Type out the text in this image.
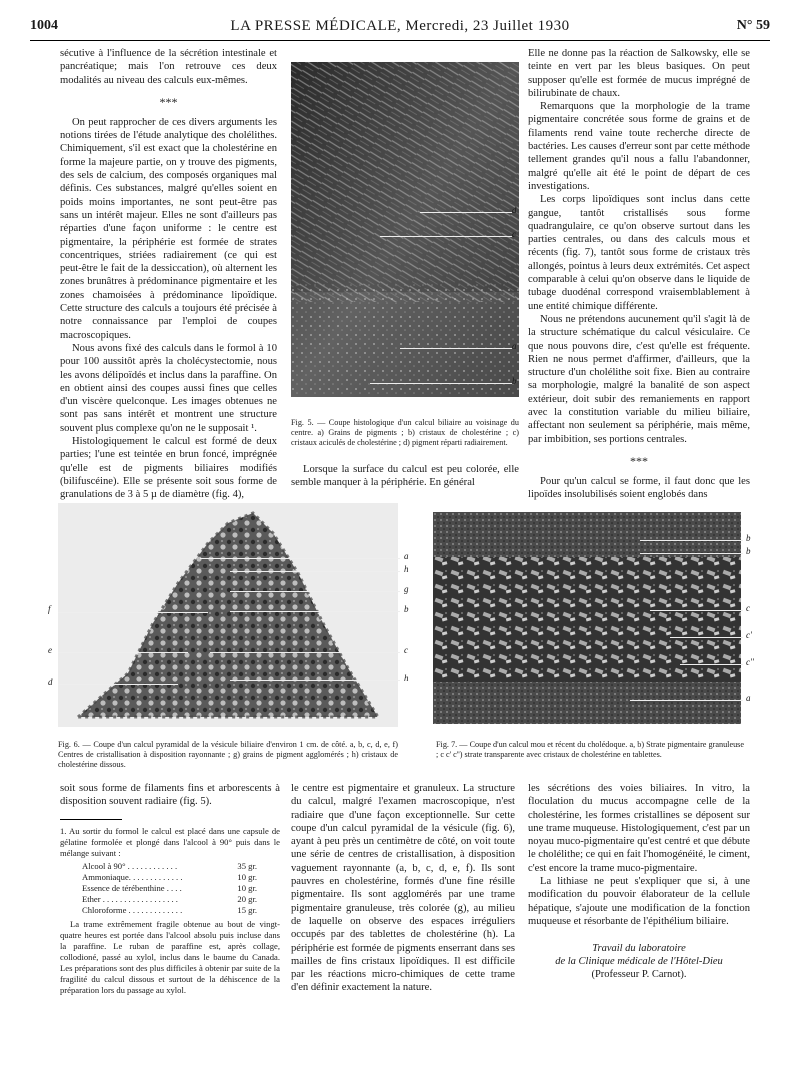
1004	LA PRESSE MÉDICALE, Mercredi, 23 Juillet 1930	N° 59

sécutive à l'influence de la sécrétion intestinale et pancréatique; mais l'on retrouve ces deux modalités au niveau des calculs eux-mêmes.

***

On peut rapprocher de ces divers arguments les notions tirées de l'étude analytique des cholélithes. Chimiquement, s'il est exact que la cholestérine en forme la majeure partie, on y trouve des pigments, des sels de calcium, des composés organiques mal définis. Ces substances, malgré qu'elles soient en poids moins importantes, ne sont peut-être pas sans un intérêt majeur. Elles ne sont d'ailleurs pas réparties d'une façon uniforme : le centre est pigmentaire, la périphérie est formée de strates concentriques, striées radiairement (ce qui est peut-être le fait de la dessiccation), où alternent les zones brunâtres à prédominance pigmentaire et les zones chamoisées à prédominance lipoïdique. Cette structure des calculs a toujours été précisée à notre connaissance par l'emploi de coupes macroscopiques.

Nous avons fixé des calculs dans le formol à 10 pour 100 aussitôt après la cholécystectomie, nous les avons délipoïdés et inclus dans la paraffine. On en obtient ainsi des coupes aussi fines que celles d'un viscère quelconque. Les images obtenues ne sont pas sans intérêt et montrent une structure souvent plus complexe qu'on ne le supposait ¹.

Histologiquement le calcul est formé de deux parties; l'une est teintée en brun foncé, imprégnée qu'elle est de pigments biliaires modifiés (bilifuscéine). Elle se présente soit sous forme de granulations de 3 à 5 µ de diamètre (fig. 4),

d
c
a
b
Fig. 5. — Coupe histologique d'un calcul biliaire au voisinage du centre. a) Grains de pigments ; b) cristaux de cholestérine ; c) cristaux aciculés de cholestérine ; d) pigment réparti radiairement.

Lorsque la surface du calcul est peu colorée, elle semble manquer à la périphérie. En général

Elle ne donne pas la réaction de Salkowsky, elle se teinte en vert par les bleus basiques. On peut supposer qu'elle est formée de mucus imprégné de bilirubinate de chaux.

Remarquons que la morphologie de la trame pigmentaire concrétée sous forme de grains et de filaments rend vaine toute recherche directe de bactéries. Les causes d'erreur sont par cette méthode tellement grandes qu'il nous a fallu l'abandonner, malgré qu'elle ait été le point de départ de ces investigations.

Les corps lipoïdiques sont inclus dans cette gangue, tantôt cristallisés sous forme quadrangulaire, ce qu'on observe surtout dans les parties centrales, ou dans des calculs mous et récents (fig. 7), tantôt sous forme de cristaux très allongés, pointus à leurs deux extrémités. Cet aspect comparable à celui qu'on observe dans le liquide de tubage duodénal correspond vraisemblablement à une entité chimique différente.

Nous ne prétendons aucunement qu'il s'agit là de la structure schématique du calcul vésiculaire. Ce que nous pouvons dire, c'est qu'elle est fréquente. Rien ne nous permet d'affirmer, d'ailleurs, que la structure d'un cholélithe soit fixe. Bien au contraire sa morphologie, malgré la banalité de son aspect extérieur, doit subir des remaniements en rapport avec la constitution variable du milieu biliaire, affectant non seulement sa périphérie, mais même, par imbibition, ses portions centrales.

***

Pour qu'un calcul se forme, il faut donc que les lipoïdes insolubilisés soient englobés dans

f
e
d
a
h
g
b
c
h
Fig. 6. — Coupe d'un calcul pyramidal de la vésicule biliaire d'environ 1 cm. de côté. a, b, c, d, e, f) Centres de cristallisation à disposition rayonnante ; g) grains de pigment agglomérés ; h) cristaux de cholestérine dissous.
b
b
c
c'
c''
a
Fig. 7. — Coupe d'un calcul mou et récent du cholédoque. a, b) Strate pigmentaire granuleuse ; c c' c'') strate transparente avec cristaux de cholestérine en tablettes.

soit sous forme de filaments fins et arborescents à disposition souvent radiaire (fig. 5).

1. Au sortir du formol le calcul est placé dans une capsule de gélatine formolée et plongé dans l'alcool à 90° puis dans le mélange suivant :
Alcool à 90° . . . . . . . . . . . .	35 gr.
Ammoniaque. . . . . . . . . . . . .	10 gr.
Essence de térébenthine . . . .	10 gr.
Ether . . . . . . . . . . . . . . . . . .	20 gr.
Chloroforme . . . . . . . . . . . . .	15 gr.
La trame extrêmement fragile obtenue au bout de vingt-quatre heures est portée dans l'alcool absolu puis incluse dans la paraffine. Le ruban de paraffine est, après collage, collodioné, passé au xylol, inclus dans le baume du Canada. Les préparations sont des plus difficiles à obtenir par suite de la fragilité du calcul dissous et surtout de la déhiscence de la préparation lors du passage au xylol.

le centre est pigmentaire et granuleux. La structure du calcul, malgré l'examen macroscopique, n'est radiaire que d'une façon exceptionnelle. Sur cette coupe d'un calcul pyramidal de la vésicule (fig. 6), ayant à peu près un centimètre de côté, on voit toute une série de centres de cristallisation, à disposition vaguement rayonnante (a, b, c, d, e, f). Ils sont pauvres en cholestérine, formés d'une fine résille pigmentaire. Ils sont agglomérés par une trame pigmentaire granuleuse, très colorée (g), au milieu de laquelle on observe des espaces irréguliers occupés par des tablettes de cholestérine (h). La périphérie est formée de pigments enserrant dans ses mailles de fins cristaux lipoïdiques. Il est difficile par les réactions micro-chimiques de cette trame d'en définir exactement la nature.

les sécrétions des voies biliaires. In vitro, la floculation du mucus accompagne celle de la cholestérine, les formes cristallines se déposent sur une trame muqueuse. Histologiquement, c'est par un noyau muco-pigmentaire qu'est centré et que débute le cholélithe; ce qui en fait l'homogénéité, le ciment, c'est encore la trame muco-pigmentaire.

La lithiase ne peut s'expliquer que si, à une modification du pouvoir élaborateur de la cellule hépatique, s'ajoute une modification de la fonction muqueuse et résorbante de l'épithélium biliaire.

Travail du laboratoire
de la Clinique médicale de l'Hôtel-Dieu
(Professeur P. Carnot).
